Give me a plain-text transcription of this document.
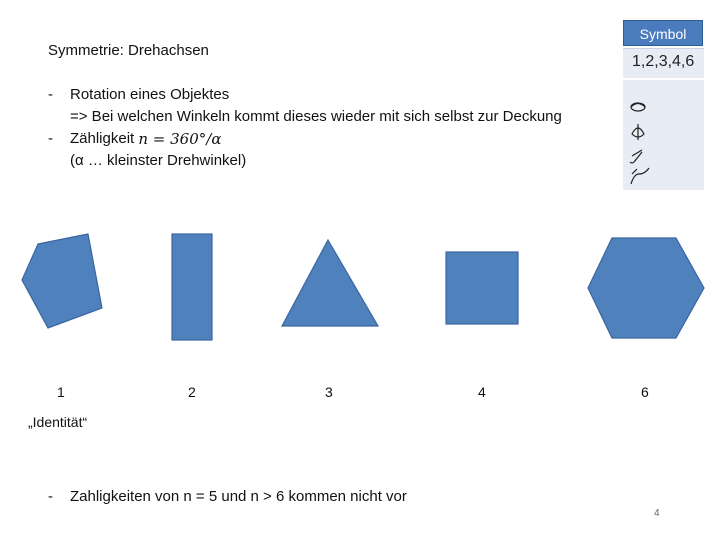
Symmetrie: Drehachsen
-	Rotation eines Objektes
=> Bei welchen Winkeln kommt dieses wieder mit sich selbst zur Deckung
-	Zähligkeit
n = 360°/α
(α … kleinster Drehwinkel)
Symbol
1,2,3,4,6
1	2	3	4	6
„Identität“
-	Zahligkeiten von n = 5 und n > 6 kommen nicht vor
4
